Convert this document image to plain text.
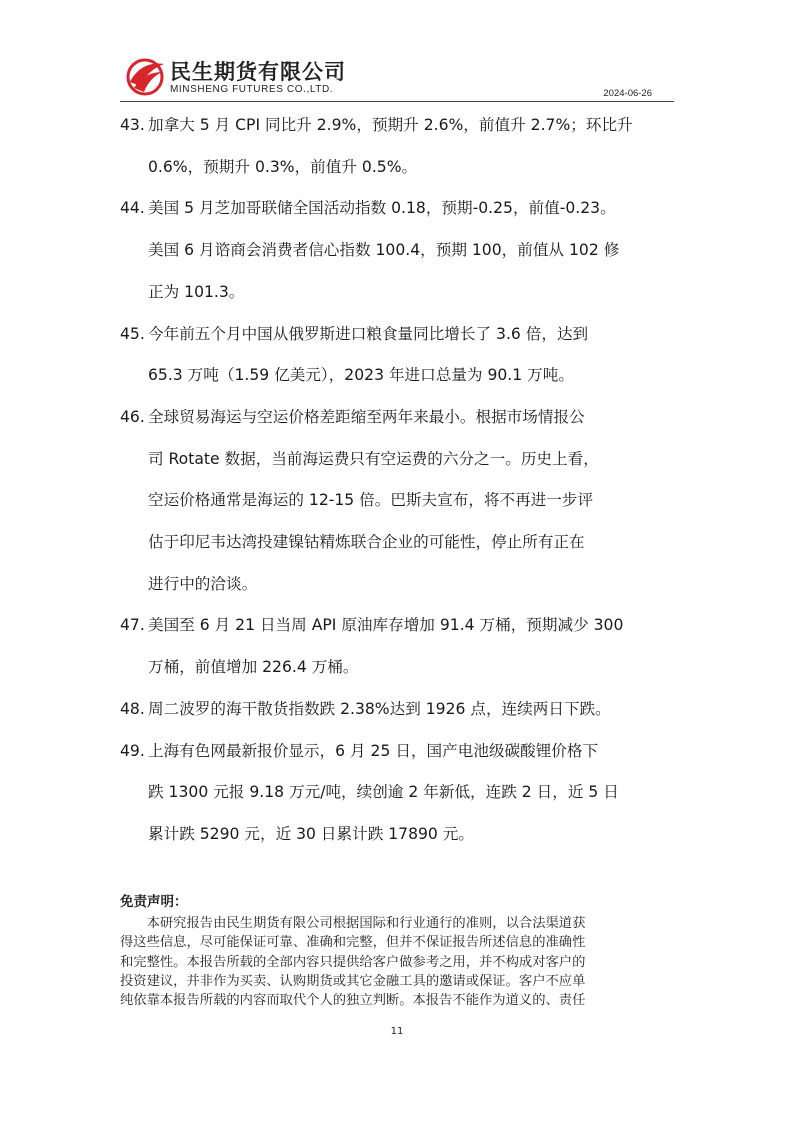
民生期货有限公司
MINSHENG FUTURES CO.,LTD.	2024-06-26
43. 加拿大 5 月 CPI 同比升 2.9%，预期升 2.6%，前值升 2.7%；环比升
0.6%，预期升 0.3%，前值升 0.5%。
44. 美国 5 月芝加哥联储全国活动指数 0.18，预期-0.25，前值-0.23。
美国 6 月谘商会消费者信心指数 100.4，预期 100，前值从 102 修
正为 101.3。
45. 今年前五个月中国从俄罗斯进口粮食量同比增长了 3.6 倍，达到
65.3 万吨（1.59 亿美元），2023 年进口总量为 90.1 万吨。
46. 全球贸易海运与空运价格差距缩至两年来最小。根据市场情报公
司 Rotate 数据，当前海运费只有空运费的六分之一。历史上看，
空运价格通常是海运的 12-15 倍。巴斯夫宣布，将不再进一步评
估于印尼韦达湾投建镍钴精炼联合企业的可能性，停止所有正在
进行中的洽谈。
47. 美国至 6 月 21 日当周 API 原油库存增加 91.4 万桶，预期减少 300
万桶，前值增加 226.4 万桶。
48. 周二波罗的海干散货指数跌 2.38%达到 1926 点，连续两日下跌。
49. 上海有色网最新报价显示，6 月 25 日，国产电池级碳酸锂价格下
跌 1300 元报 9.18 万元/吨，续创逾 2 年新低，连跌 2 日，近 5 日
累计跌 5290 元，近 30 日累计跌 17890 元。
免责声明：
　　本研究报告由民生期货有限公司根据国际和行业通行的准则，以合法渠道获
得这些信息，尽可能保证可靠、准确和完整，但并不保证报告所述信息的准确性
和完整性。本报告所载的全部内容只提供给客户做参考之用，并不构成对客户的
投资建议，并非作为买卖、认购期货或其它金融工具的邀请或保证。客户不应单
纯依靠本报告所载的内容而取代个人的独立判断。本报告不能作为道义的、责任
11
